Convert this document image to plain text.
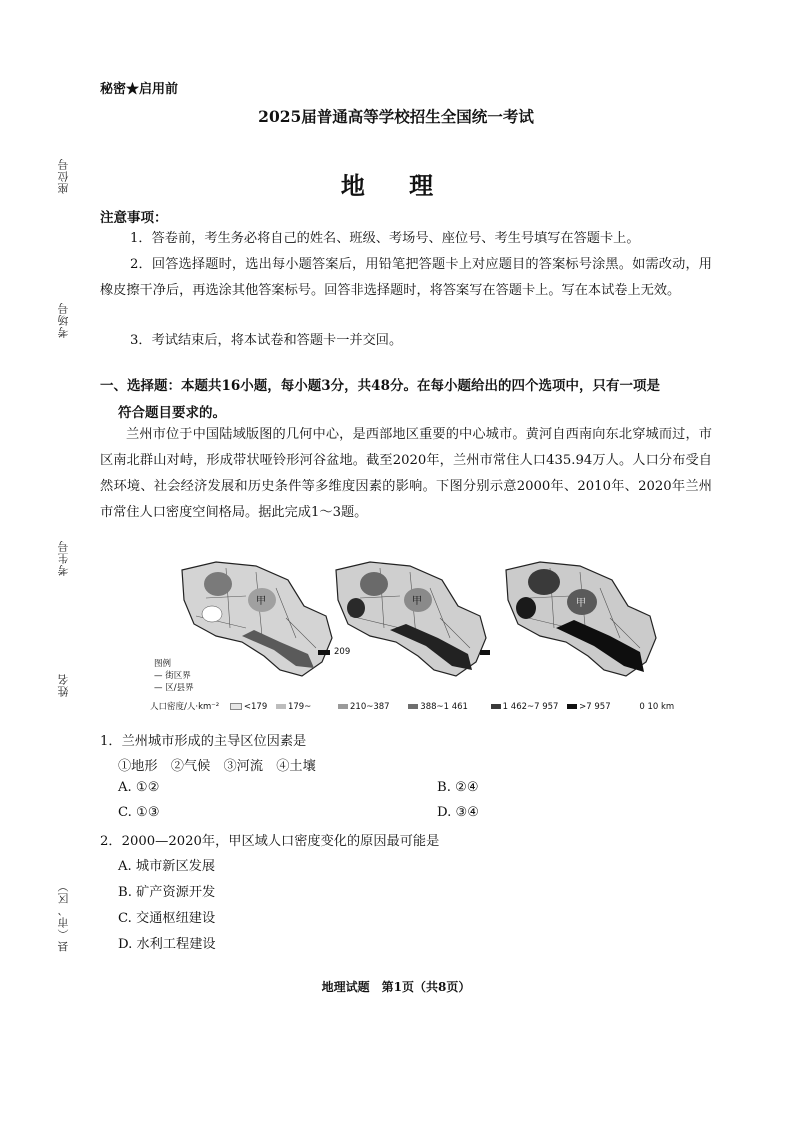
秘密★启用前
2025届普通高等学校招生全国统一考试
地 理
座位号
考场号
考生号
姓名
县（市、区）
注意事项：
1．答卷前，考生务必将自己的姓名、班级、考场号、座位号、考生号填写在答题卡上。
2．回答选择题时，选出每小题答案后，用铅笔把答题卡上对应题目的答案标号涂黑。如需改动，用橡皮擦干净后，再选涂其他答案标号。回答非选择题时，将答案写在答题卡上。写在本试卷上无效。
3．考试结束后，将本试卷和答题卡一并交回。
一、选择题：本题共16小题，每小题3分，共48分。在每小题给出的四个选项中，只有一项是
符合题目要求的。
兰州市位于中国陆域版图的几何中心，是西部地区重要的中心城市。黄河自西南向东北穿城而过，市区南北群山对峙，形成带状哑铃形河谷盆地。截至2020年，兰州市常住人口435.94万人。人口分布受自然环境、社会经济发展和历史条件等多维度因素的影响。下图分别示意2000年、2010年、2020年兰州市常住人口密度空间格局。据此完成1～3题。
甲	甲	甲
图例
209
— 街区界
— 区/县界
人口密度/人·km⁻²	<179 179~	210~387	388~1 461	1 462~7 957 >7 957	0 10 km
1．兰州城市形成的主导区位因素是
①地形　②气候　③河流　④土壤
A. ①②	B. ②④
C. ①③	D. ③④
2．2000—2020年，甲区域人口密度变化的原因最可能是
A. 城市新区发展
B. 矿产资源开发
C. 交通枢纽建设
D. 水利工程建设
地理试题　第1页（共8页）
